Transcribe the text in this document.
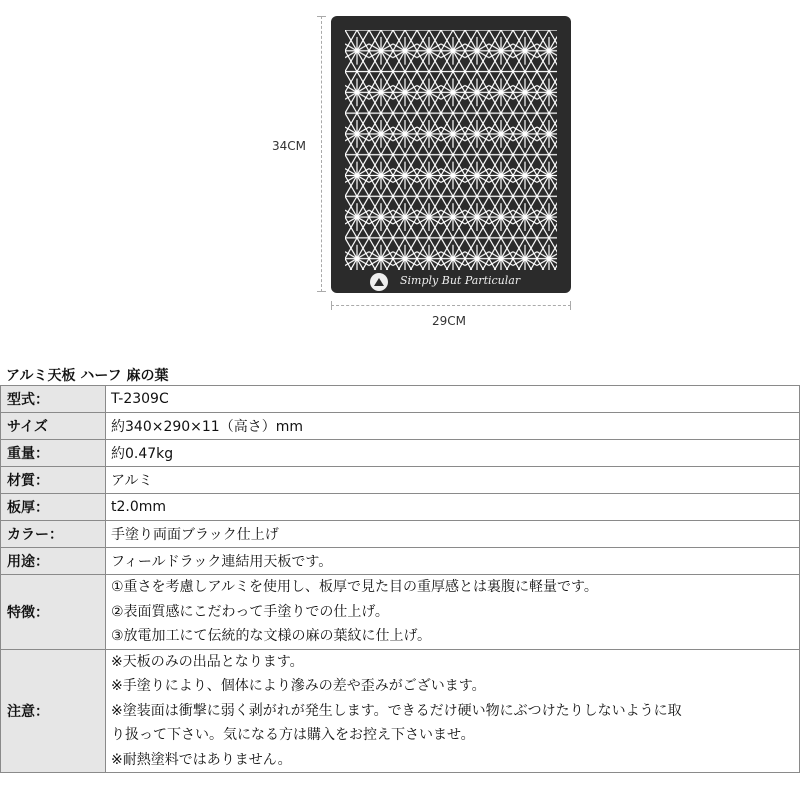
34CM
Simply But Particular
29CM
アルミ天板 ハーフ 麻の葉
型式：	T-2309C

サイズ	約340×290×11（高さ）mm

重量：	約0.47kg

材質：	アルミ

板厚：	t2.0mm

カラー：	手塗り両面ブラック仕上げ

用途：	フィールドラック連結用天板です。

特徴：	①重さを考慮しアルミを使用し、板厚で見た目の重厚感とは裏腹に軽量です。
②表面質感にこだわって手塗りでの仕上げ。
③放電加工にて伝統的な文様の麻の葉紋に仕上げ。

注意：	※天板のみの出品となります。
※手塗りにより、個体により滲みの差や歪みがございます。
※塗装面は衝撃に弱く剥がれが発生します。できるだけ硬い物にぶつけたりしないように取
り扱って下さい。気になる方は購入をお控え下さいませ。
※耐熱塗料ではありません。
